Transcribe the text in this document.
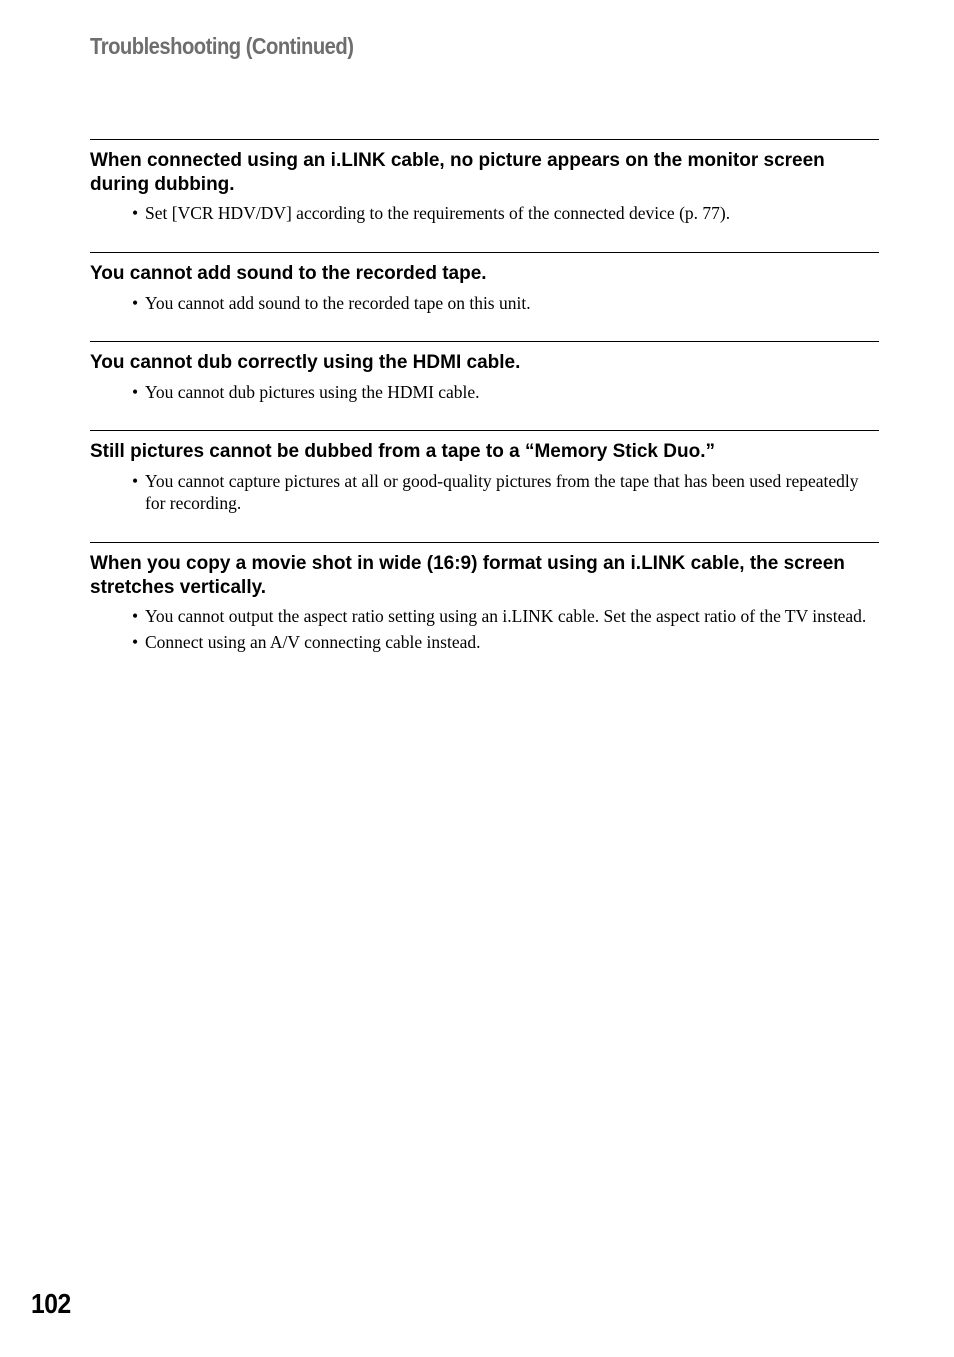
Troubleshooting (Continued)
When connected using an i.LINK cable, no picture appears on the monitor screen during dubbing.
• Set [VCR HDV/DV] according to the requirements of the connected device (p. 77).
You cannot add sound to the recorded tape.
• You cannot add sound to the recorded tape on this unit.
You cannot dub correctly using the HDMI cable.
• You cannot dub pictures using the HDMI cable.
Still pictures cannot be dubbed from a tape to a “Memory Stick Duo.”
• You cannot capture pictures at all or good-quality pictures from the tape that has been used repeatedly for recording.
When you copy a movie shot in wide (16:9) format using an i.LINK cable, the screen stretches vertically.
• You cannot output the aspect ratio setting using an i.LINK cable. Set the aspect ratio of the TV instead.
• Connect using an A/V connecting cable instead.
102
